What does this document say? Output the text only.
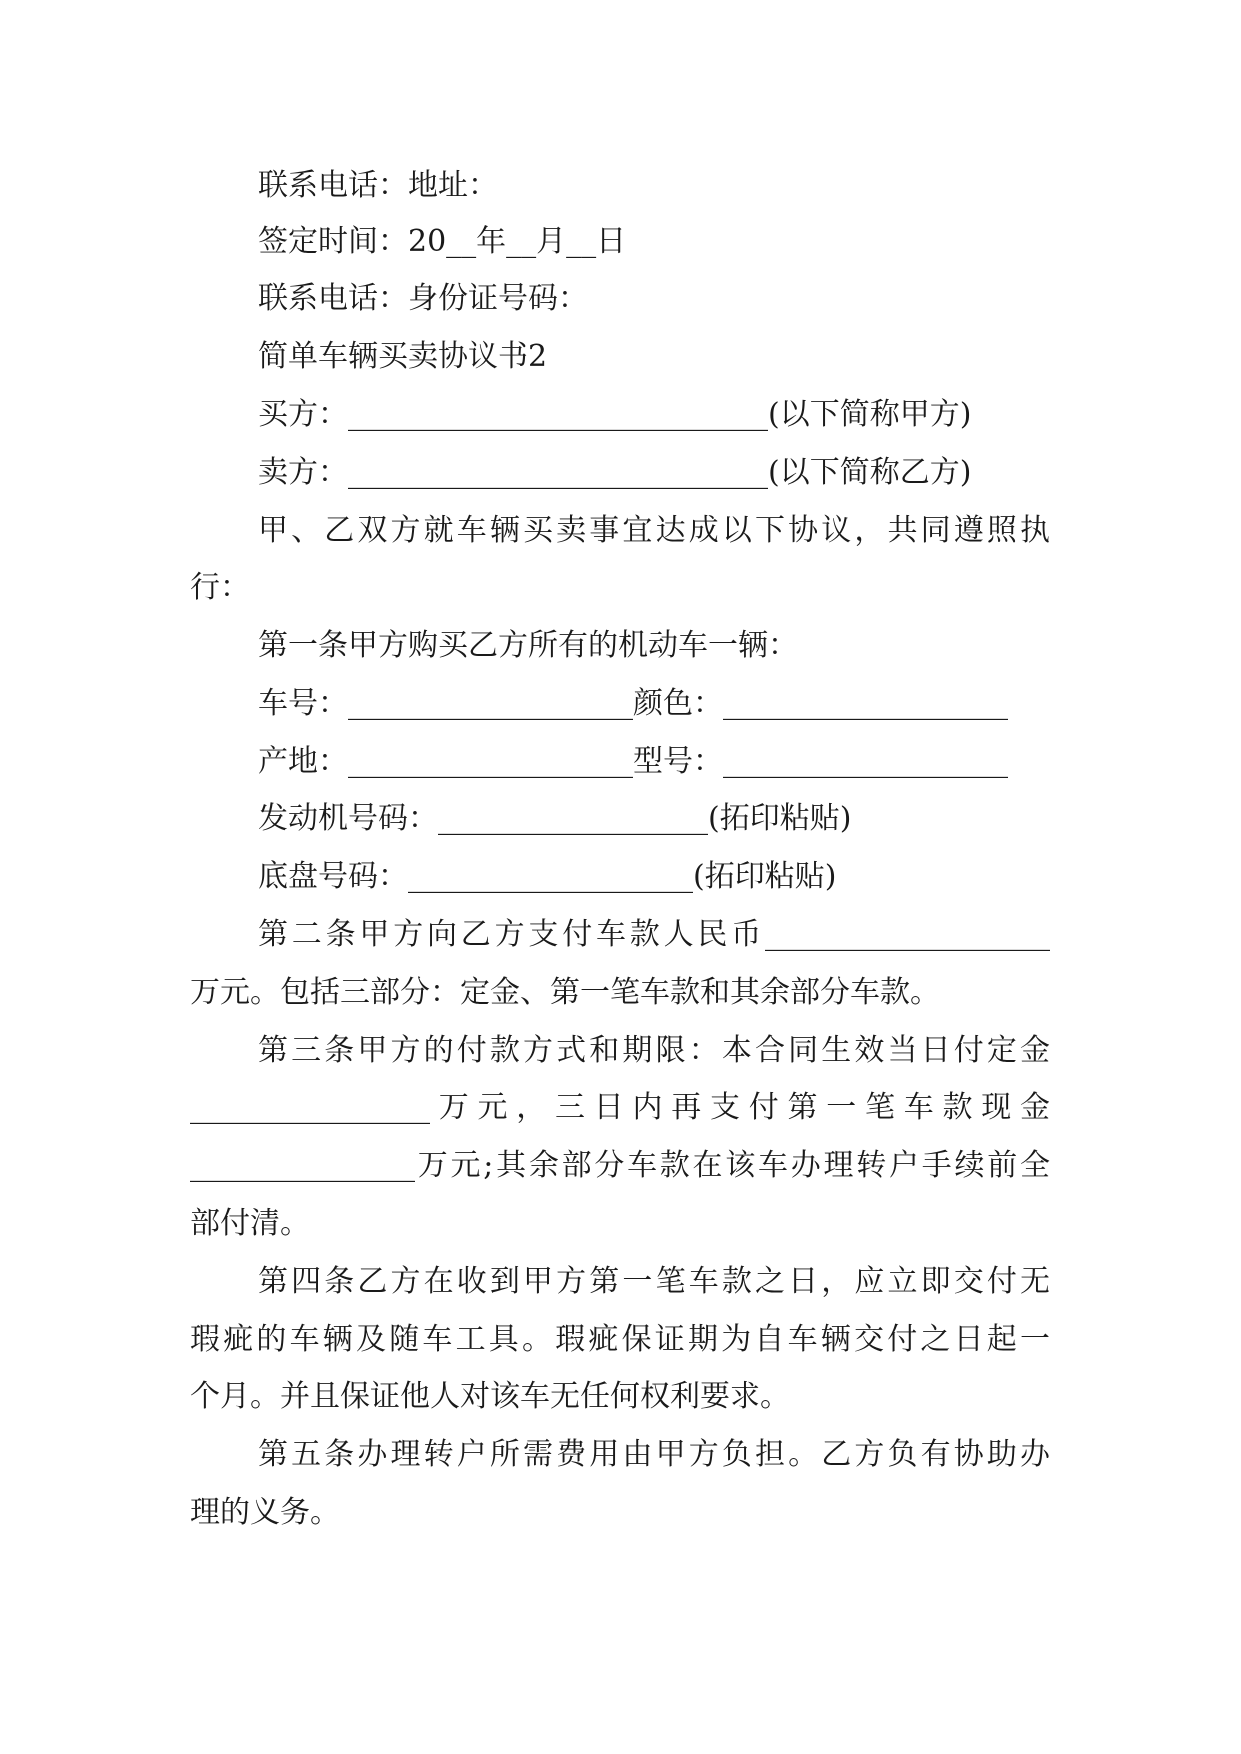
联系电话：地址：
签定时间：20__年__月__日
联系电话：身份证号码：
简单车辆买卖协议书2
买方：____________________________(以下简称甲方)
卖方：____________________________(以下简称乙方)
甲、乙双方就车辆买卖事宜达成以下协议，共同遵照执
行：
第一条甲方购买乙方所有的机动车一辆：
车号：___________________颜色：___________________
产地：___________________型号：___________________
发动机号码：__________________(拓印粘贴)
底盘号码：___________________(拓印粘贴)
第二条甲方向乙方支付车款人民币___________________
万元。包括三部分：定金、第一笔车款和其余部分车款。
第三条甲方的付款方式和期限：本合同生效当日付定金
________________万元，三日内再支付第一笔车款现金
_______________万元;其余部分车款在该车办理转户手续前全
部付清。
第四条乙方在收到甲方第一笔车款之日，应立即交付无
瑕疵的车辆及随车工具。瑕疵保证期为自车辆交付之日起一
个月。并且保证他人对该车无任何权利要求。
第五条办理转户所需费用由甲方负担。乙方负有协助办
理的义务。
